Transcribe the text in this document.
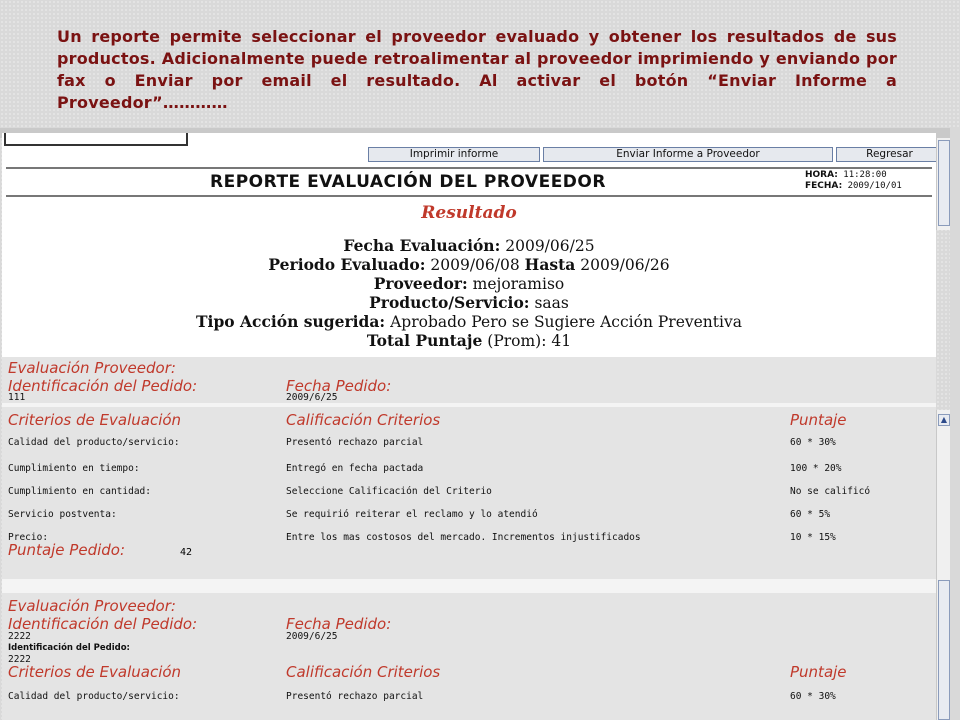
Un reporte permite seleccionar el proveedor evaluado y obtener los resultados de sus productos. Adicionalmente puede retroalimentar al proveedor imprimiendo y enviando por fax o Enviar por email el resultado. Al activar el botón “Enviar Informe a Proveedor”…………
Imprimir informe	Enviar Informe a Proveedor	Regresar
REPORTE EVALUACIÓN DEL PROVEEDOR	HORA: 11:28:00
FECHA: 2009/10/01
Resultado
Fecha Evaluación: 2009/06/25
Periodo Evaluado: 2009/06/08 Hasta 2009/06/26
Proveedor: mejoramiso
Producto/Servicio: saas
Tipo Acción sugerida: Aprobado Pero se Sugiere Acción Preventiva
Total Puntaje (Prom): 41
Evaluación Proveedor:
Identificación del Pedido:	Fecha Pedido:
111	2009/6/25
Criterios de Evaluación	Calificación Criterios	Puntaje
Calidad del producto/servicio:	Presentó rechazo parcial	60 * 30%
Cumplimiento en tiempo:	Entregó en fecha pactada	100 * 20%
Cumplimiento en cantidad:	Seleccione Calificación del Criterio	No se calificó
Servicio postventa:	Se requirió reiterar el reclamo y lo atendió	60 * 5%
Precio:	Entre los mas costosos del mercado. Incrementos injustificados	10 * 15%
Puntaje Pedido:	42
Evaluación Proveedor:
Identificación del Pedido:	Fecha Pedido:
2222	2009/6/25
Identificación del Pedido:
2222
Criterios de Evaluación	Calificación Criterios	Puntaje
Calidad del producto/servicio:	Presentó rechazo parcial	60 * 30%
▲
